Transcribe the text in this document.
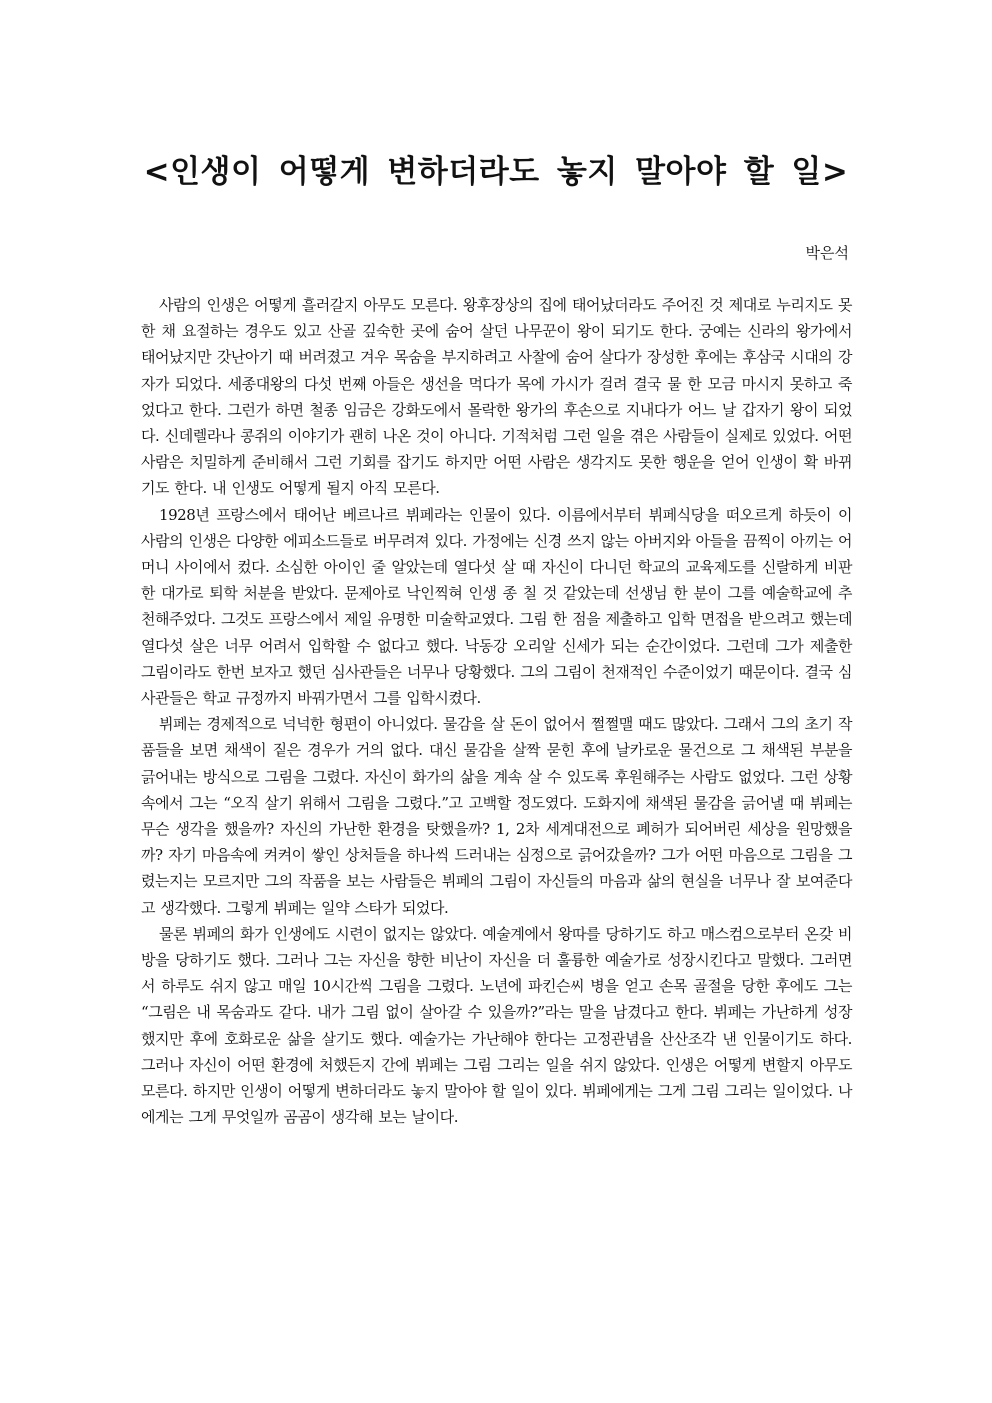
<인생이 어떻게 변하더라도 놓지 말아야 할 일>

박은석

사람의 인생은 어떻게 흘러갈지 아무도 모른다. 왕후장상의 집에 태어났더라도 주어진 것 제대로 누리지도 못한 채 요절하는 경우도 있고 산골 깊숙한 곳에 숨어 살던 나무꾼이 왕이 되기도 한다. 궁예는 신라의 왕가에서 태어났지만 갓난아기 때 버려졌고 겨우 목숨을 부지하려고 사찰에 숨어 살다가 장성한 후에는 후삼국 시대의 강자가 되었다. 세종대왕의 다섯 번째 아들은 생선을 먹다가 목에 가시가 걸려 결국 물 한 모금 마시지 못하고 죽었다고 한다. 그런가 하면 철종 임금은 강화도에서 몰락한 왕가의 후손으로 지내다가 어느 날 갑자기 왕이 되었다. 신데렐라나 콩쥐의 이야기가 괜히 나온 것이 아니다. 기적처럼 그런 일을 겪은 사람들이 실제로 있었다. 어떤 사람은 치밀하게 준비해서 그런 기회를 잡기도 하지만 어떤 사람은 생각지도 못한 행운을 얻어 인생이 확 바뀌기도 한다. 내 인생도 어떻게 될지 아직 모른다.

1928년 프랑스에서 태어난 베르나르 뷔페라는 인물이 있다. 이름에서부터 뷔페식당을 떠오르게 하듯이 이 사람의 인생은 다양한 에피소드들로 버무려져 있다. 가정에는 신경 쓰지 않는 아버지와 아들을 끔찍이 아끼는 어머니 사이에서 컸다. 소심한 아이인 줄 알았는데 열다섯 살 때 자신이 다니던 학교의 교육제도를 신랄하게 비판한 대가로 퇴학 처분을 받았다. 문제아로 낙인찍혀 인생 종 칠 것 같았는데 선생님 한 분이 그를 예술학교에 추천해주었다. 그것도 프랑스에서 제일 유명한 미술학교였다. 그림 한 점을 제출하고 입학 면접을 받으려고 했는데 열다섯 살은 너무 어려서 입학할 수 없다고 했다. 낙동강 오리알 신세가 되는 순간이었다. 그런데 그가 제출한 그림이라도 한번 보자고 했던 심사관들은 너무나 당황했다. 그의 그림이 천재적인 수준이었기 때문이다. 결국 심사관들은 학교 규정까지 바꿔가면서 그를 입학시켰다.

뷔페는 경제적으로 넉넉한 형편이 아니었다. 물감을 살 돈이 없어서 쩔쩔맬 때도 많았다. 그래서 그의 초기 작품들을 보면 채색이 짙은 경우가 거의 없다. 대신 물감을 살짝 묻힌 후에 날카로운 물건으로 그 채색된 부분을 긁어내는 방식으로 그림을 그렸다. 자신이 화가의 삶을 계속 살 수 있도록 후원해주는 사람도 없었다. 그런 상황 속에서 그는 “오직 살기 위해서 그림을 그렸다.”고 고백할 정도였다. 도화지에 채색된 물감을 긁어낼 때 뷔페는 무슨 생각을 했을까? 자신의 가난한 환경을 탓했을까? 1, 2차 세계대전으로 폐허가 되어버린 세상을 원망했을까? 자기 마음속에 켜켜이 쌓인 상처들을 하나씩 드러내는 심정으로 긁어갔을까? 그가 어떤 마음으로 그림을 그렸는지는 모르지만 그의 작품을 보는 사람들은 뷔페의 그림이 자신들의 마음과 삶의 현실을 너무나 잘 보여준다고 생각했다. 그렇게 뷔페는 일약 스타가 되었다.

물론 뷔페의 화가 인생에도 시련이 없지는 않았다. 예술계에서 왕따를 당하기도 하고 매스컴으로부터 온갖 비방을 당하기도 했다. 그러나 그는 자신을 향한 비난이 자신을 더 훌륭한 예술가로 성장시킨다고 말했다. 그러면서 하루도 쉬지 않고 매일 10시간씩 그림을 그렸다. 노년에 파킨슨씨 병을 얻고 손목 골절을 당한 후에도 그는 “그림은 내 목숨과도 같다. 내가 그림 없이 살아갈 수 있을까?”라는 말을 남겼다고 한다. 뷔페는 가난하게 성장했지만 후에 호화로운 삶을 살기도 했다. 예술가는 가난해야 한다는 고정관념을 산산조각 낸 인물이기도 하다. 그러나 자신이 어떤 환경에 처했든지 간에 뷔페는 그림 그리는 일을 쉬지 않았다. 인생은 어떻게 변할지 아무도 모른다. 하지만 인생이 어떻게 변하더라도 놓지 말아야 할 일이 있다. 뷔페에게는 그게 그림 그리는 일이었다. 나에게는 그게 무엇일까 곰곰이 생각해 보는 날이다.
